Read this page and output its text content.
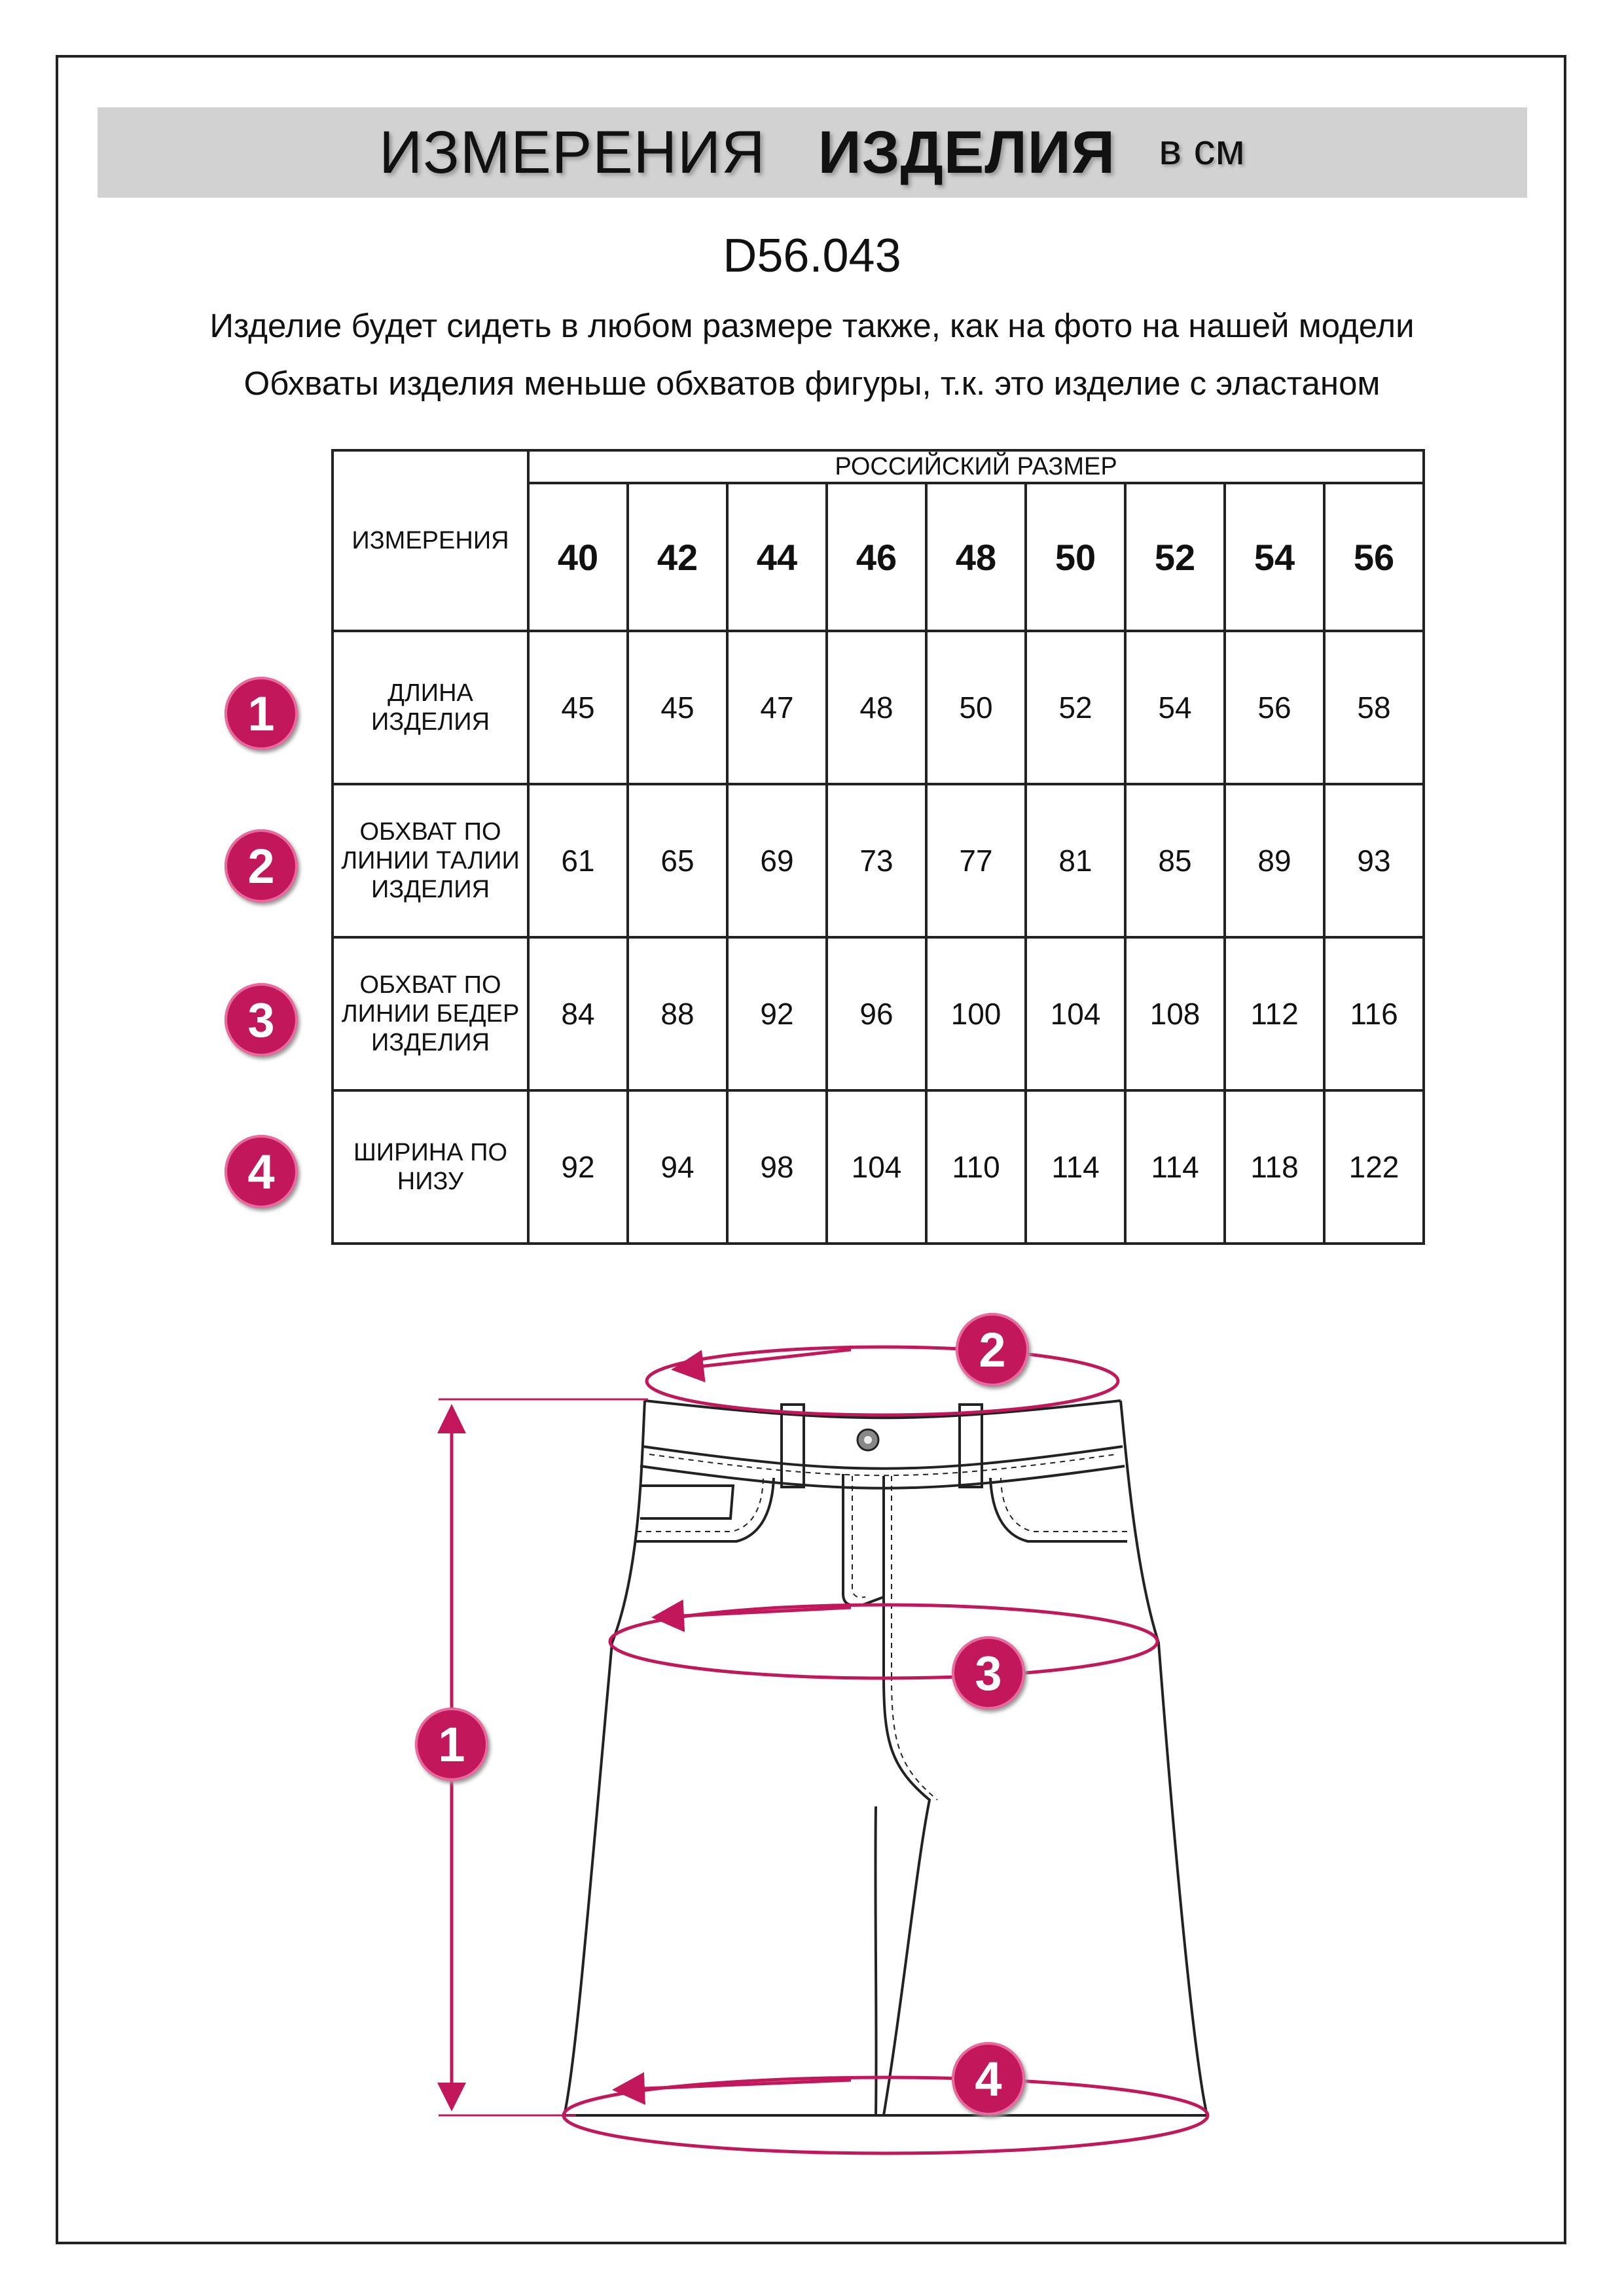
ИЗМЕРЕНИЯ ИЗДЕЛИЯ в см
D56.043
Изделие будет сидеть в любом размере также, как на фото на нашей модели
Обхваты изделия меньше обхватов фигуры, т.к. это изделие с эластаном
ИЗМЕРЕНИЯ	РОССИЙСКИЙ РАЗМЕР								
	40	42	44	46	48	50	52	54	56
ДЛИНА ИЗДЕЛИЯ	45	45	47	48	50	52	54	56	58
ОБХВАТ ПО ЛИНИИ ТАЛИИ ИЗДЕЛИЯ	61	65	69	73	77	81	85	89	93
ОБХВАТ ПО ЛИНИИ БЕДЕР ИЗДЕЛИЯ	84	88	92	96	100	104	108	112	116
ШИРИНА ПО НИЗУ	92	94	98	104	110	114	114	118	122
1
2
3
4
1
2
3
4
